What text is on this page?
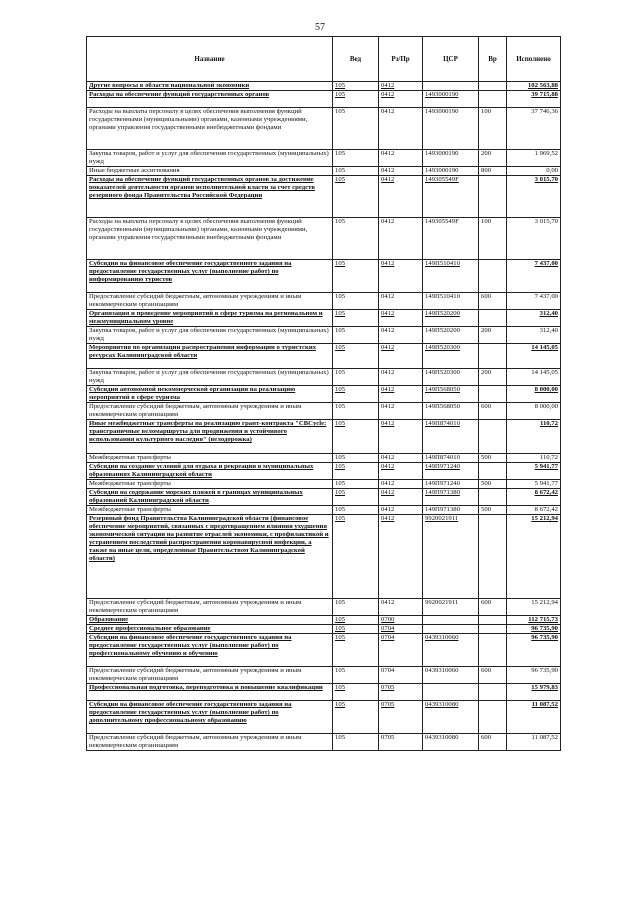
57
Название	Вед	Рз/Пр	ЦСР	Вр	Исполнено
Другие вопросы в области национальной экономики	105	0412			102 563,88
Расходы на обеспечение функций государственных органов	105	0412	1493000190		39 715,88
Расходы на выплаты персоналу в целях обеспечения выполнения функций государственными (муниципальными) органами, казенными учреждениями, органами управления государственными внебюджетными фондами	105	0412	1493000190	100	37 746,36
Закупка товаров, работ и услуг для обеспечения государственных (муниципальных) нужд	105	0412	1493000190	200	1 969,52
Иные бюджетные ассигнования	105	0412	1493000190	800	0,00
Расходы на обеспечение функций государственных органов за достижение показателей деятельности органов исполнительной власти за счет средств резервного фонда Правительства Российской Федерации	105	0412	149305549F		3 015,70
Расходы на выплаты персоналу в целях обеспечения выполнения функций государственными (муниципальными) органами, казенными учреждениями, органами управления государственными внебюджетными фондами	105	0412	149305549F	100	3 015,70
Субсидии на финансовое обеспечение государственного задания на предоставление государственных услуг (выполнение работ) по информированию туристов	105	0412	149П510410		7 437,00
Предоставление субсидий бюджетным, автономным учреждениям и иным некоммерческим организациям	105	0412	149П510410	600	7 437,00
Организация и проведение мероприятий в сфере туризма на региональном и межмуниципальном уровне	105	0412	149П520200		312,40
Закупка товаров, работ и услуг для обеспечения государственных (муниципальных) нужд	105	0412	149П520200	200	312,40
Мероприятия по организации распространения информации о туристских ресурсах Калининградской области	105	0412	149П520300		14 145,05
Закупка товаров, работ и услуг для обеспечения государственных (муниципальных) нужд	105	0412	149П520300	200	14 145,05
Субсидии автономной некоммерческой организации на реализацию мероприятий в сфере туризма	105	0412	149П568050		8 000,00
Предоставление субсидий бюджетным, автономным учреждениям и иным некоммерческим организациям	105	0412	149П568050	600	8 000,00
Иные межбюджетные трансферты на реализацию грант-контракта "CBCycle: трансграничные веломаршруты для продвижения и устойчивого использования культурного наследия" (велодорожка)	105	0412	149П874010		110,72
Межбюджетные трансферты	105	0412	149П874010	500	110,72
Субсидии на создание условий для отдыха и рекреации в муниципальных образованиях Калининградской области	105	0412	149П971240		5 941,77
Межбюджетные трансферты	105	0412	149П971240	500	5 941,77
Субсидии на содержание морских пляжей в границах муниципальных образований Калининградской области	105	0412	149П971380		8 672,42
Межбюджетные трансферты	105	0412	149П971380	500	8 672,42
Резервный фонд Правительства Калининградской области (финансовое обеспечение мероприятий, связанных с предотвращением влияния ухудшения экономической ситуации на развитие отраслей экономики, с профилактикой и устранением последствий распространения коронавирусной инфекции, а также на иные цели, определенные Правительством Калининградской области)	105	0412	9920021911		15 212,94
Предоставление субсидий бюджетным, автономным учреждениям и иным некоммерческим организациям	105	0412	9920021911	600	15 212,94
Образование	105	0700			112 715,73
Среднее профессиональное образование	105	0704			96 735,90
Субсидии на финансовое обеспечение государственного задания на предоставление государственных услуг (выполнение работ) по профессиональному обучению и обучению	105	0704	0439310060		96 735,90
Предоставление субсидий бюджетным, автономным учреждениям и иным некоммерческим организациям	105	0704	0439310060	600	96 735,90
Профессиональная подготовка, переподготовка и повышение квалификации	105	0705			15 979,83
Субсидии на финансовое обеспечение государственного задания на предоставление государственных услуг (выполнение работ) по дополнительному профессиональному образованию	105	0705	0439310080		11 087,52
Предоставление субсидий бюджетным, автономным учреждениям и иным некоммерческим организациям	105	0705	0439310080	600	11 087,52
